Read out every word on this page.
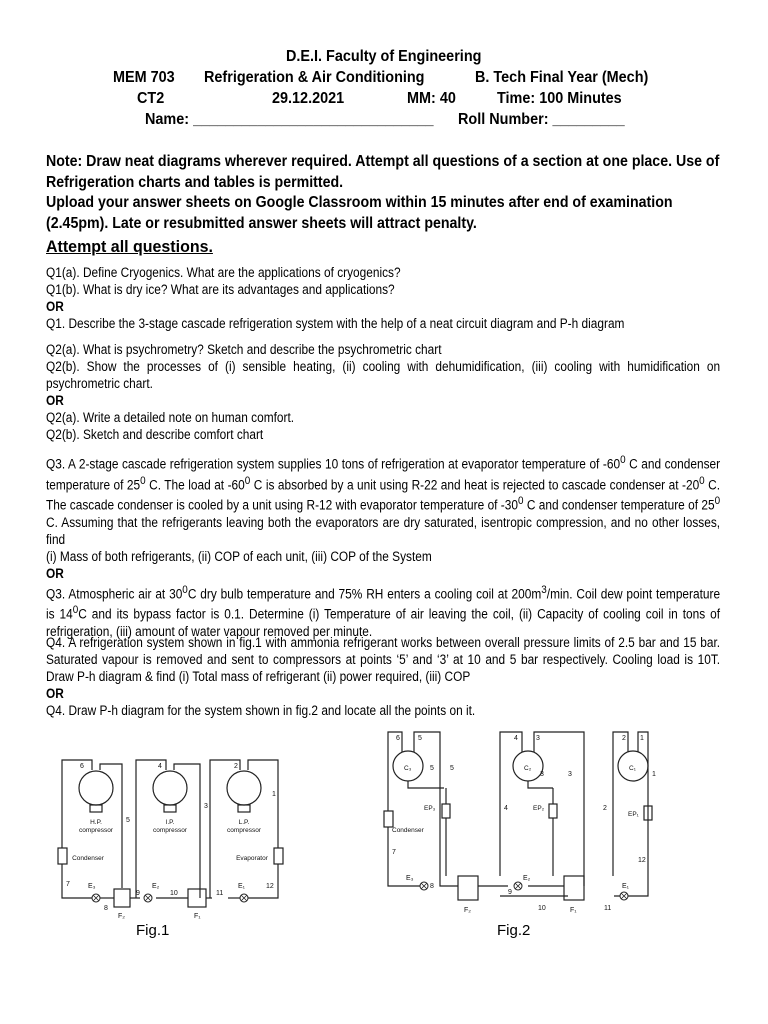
D.E.I. Faculty of Engineering
MEM 703 Refrigeration & Air Conditioning	B. Tech Final Year (Mech)
CT2	29.12.2021	MM: 40	Time: 100 Minutes
Name: ______________________________ Roll Number: _________
Note: Draw neat diagrams wherever required. Attempt all questions of a section at one place. Use of Refrigeration charts and tables is permitted.
Upload your answer sheets on Google Classroom within 15 minutes after end of examination (2.45pm). Late or resubmitted answer sheets will attract penalty.
Attempt all questions.

Q1(a). Define Cryogenics. What are the applications of cryogenics?

Q1(b). What is dry ice? What are its advantages and applications?

OR

Q1. Describe the 3-stage cascade refrigeration system with the help of a neat circuit diagram and P-h diagram

Q2(a). What is psychrometry? Sketch and describe the psychrometric chart

Q2(b). Show the processes of (i) sensible heating, (ii) cooling with dehumidification, (iii) cooling with humidification on psychrometric chart.

OR

Q2(a). Write a detailed note on human comfort.

Q2(b). Sketch and describe comfort chart

Q3. A 2-stage cascade refrigeration system supplies 10 tons of refrigeration at evaporator temperature of $-60^0$ C and condenser temperature of $25^0$ C. The load at $-60^0$ C is absorbed by a unit using R-22 and heat is rejected to cascade condenser at $-20^0$ C. The cascade condenser is cooled by a unit using R-12 with evaporator temperature of $-30^0$ C and condenser temperature of $25^0$ C. Assuming that the refrigerants leaving both the evaporators are dry saturated, isentropic compression, and no other losses, find

(i) Mass of both refrigerants, (ii) COP of each unit, (iii) COP of the System

OR

Q3. Atmospheric air at $30^0C$ dry bulb temperature and 75% RH enters a cooling coil at $200m^3/\min$. Coil dew point temperature is $14^0C$ and its bypass factor is 0.1. Determine (i) Temperature of air leaving the coil, (ii) Capacity of cooling coil in tons of refrigeration, (iii) amount of water vapour removed per minute.

Q4. A refrigeration system shown in fig.1 with ammonia refrigerant works between overall pressure limits of 2.5 bar and 15 bar. Saturated vapour is removed and sent to compressors at points ‘5’ and ‘3’ at 10 and 5 bar respectively. Cooling load is 10T. Draw P-h diagram & find (i) Total mass of refrigerant (ii) power required, (iii) COP

OR

Q4. Draw P-h diagram for the system shown in fig.2 and locate all the points on it.

H.P.
compressor
I.P.
compressor
L.P.
compressor
Condenser	Evaporator
6
5
4
3
2
1
7
8
9	10	11
12
E₃	E₂	E₁
F₂	F₁
Fig.1
C₃	C₂	C₁
Condenser
EP₃	EP₂
EP₁
6	5
5 5
4	3
3	3
4
2 1
2
1
12
7
8
9
10	11
E₃	E₂
E₁
F₂	F₁
Fig.2
